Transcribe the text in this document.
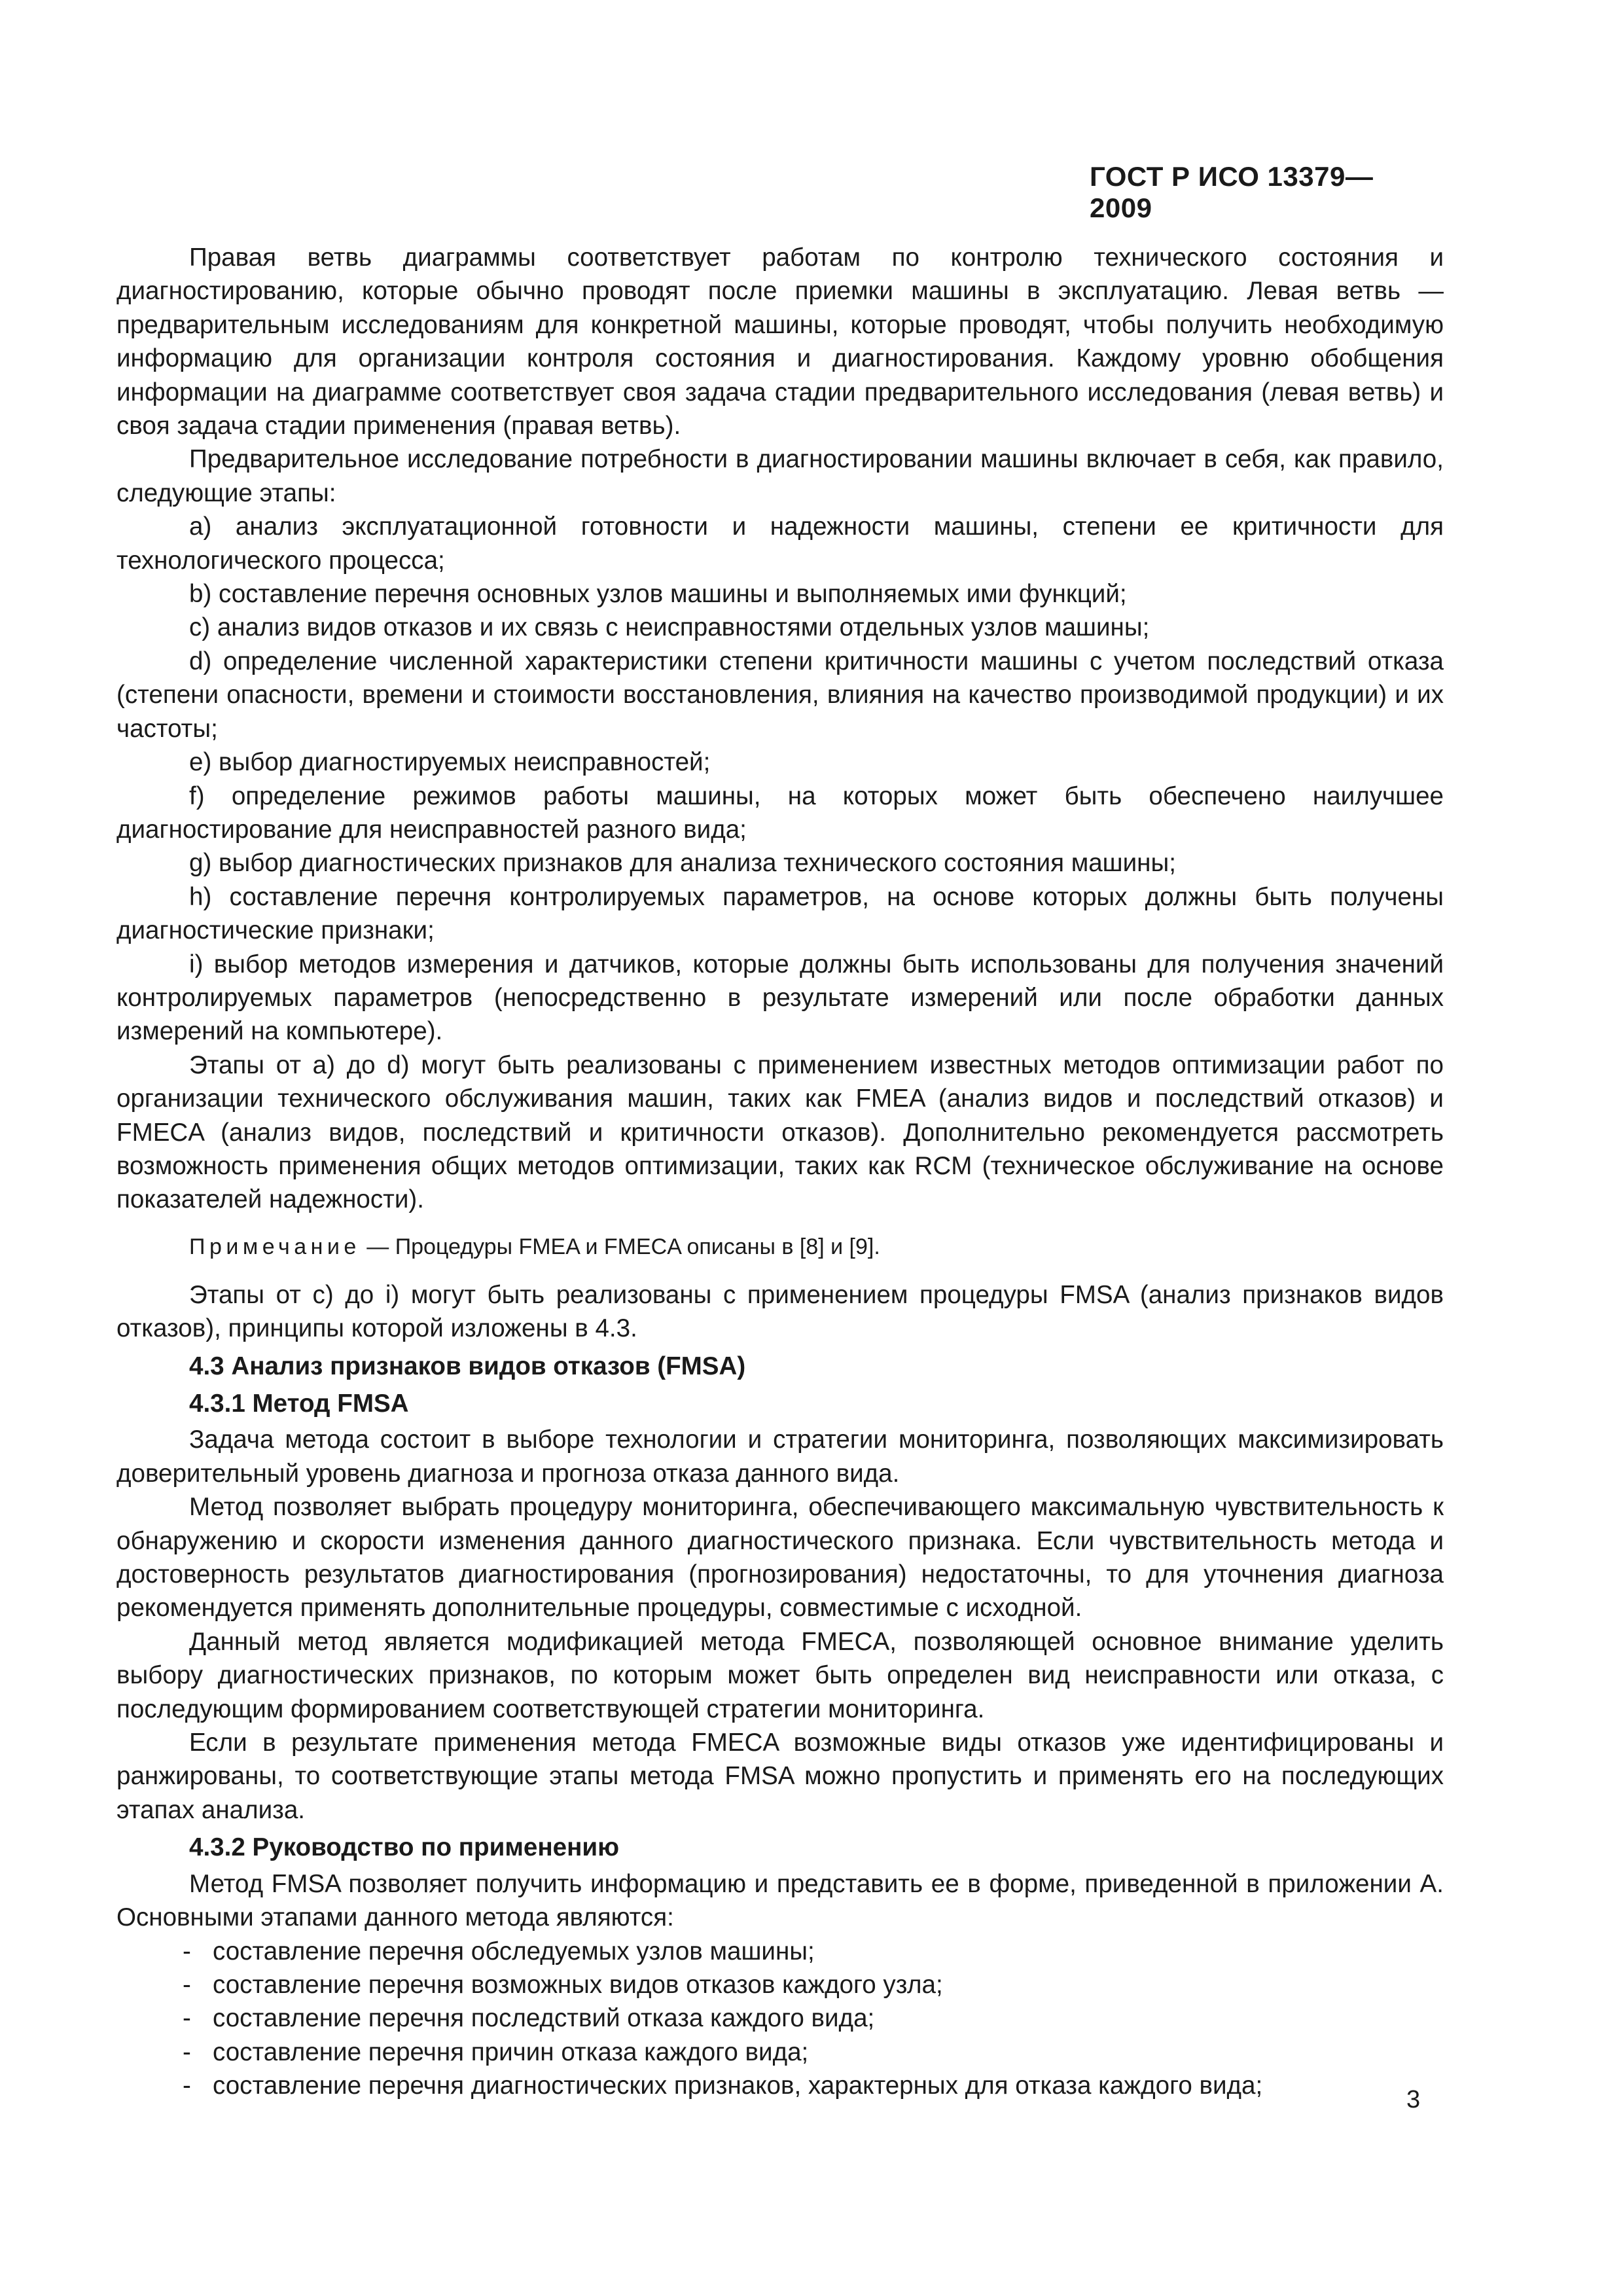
ГОСТ Р ИСО 13379—2009

Правая ветвь диаграммы соответствует работам по контролю технического состояния и диагностированию, которые обычно проводят после приемки машины в эксплуатацию. Левая ветвь — предварительным исследованиям для конкретной машины, которые проводят, чтобы получить необходимую информацию для организации контроля состояния и диагностирования. Каждому уровню обобщения информации на диаграмме соответствует своя задача стадии предварительного исследования (левая ветвь) и своя задача стадии применения (правая ветвь).

Предварительное исследование потребности в диагностировании машины включает в себя, как правило, следующие этапы:

а) анализ эксплуатационной готовности и надежности машины, степени ее критичности для технологического процесса;

b) составление перечня основных узлов машины и выполняемых ими функций;

c) анализ видов отказов и их связь с неисправностями отдельных узлов машины;

d) определение численной характеристики степени критичности машины с учетом последствий отказа (степени опасности, времени и стоимости восстановления, влияния на качество производимой продукции) и их частоты;

e) выбор диагностируемых неисправностей;

f) определение режимов работы машины, на которых может быть обеспечено наилучшее диагностирование для неисправностей разного вида;

g) выбор диагностических признаков для анализа технического состояния машины;

h) составление перечня контролируемых параметров, на основе которых должны быть получены диагностические признаки;

i) выбор методов измерения и датчиков, которые должны быть использованы для получения значений контролируемых параметров (непосредственно в результате измерений или после обработки данных измерений на компьютере).

Этапы от а) до d) могут быть реализованы с применением известных методов оптимизации работ по организации технического обслуживания машин, таких как FMEA (анализ видов и последствий отказов) и FMECA (анализ видов, последствий и критичности отказов). Дополнительно рекомендуется рассмотреть возможность применения общих методов оптимизации, таких как RCM (техническое обслуживание на основе показателей надежности).

Примечание — Процедуры FMEA и FMECA описаны в [8] и [9].

Этапы от с) до i) могут быть реализованы с применением процедуры FMSA (анализ признаков видов отказов), принципы которой изложены в 4.3.

4.3 Анализ признаков видов отказов (FMSA)

4.3.1 Метод FMSA

Задача метода состоит в выборе технологии и стратегии мониторинга, позволяющих максимизировать доверительный уровень диагноза и прогноза отказа данного вида.

Метод позволяет выбрать процедуру мониторинга, обеспечивающего максимальную чувствительность к обнаружению и скорости изменения данного диагностического признака. Если чувствительность метода и достоверность результатов диагностирования (прогнозирования) недостаточны, то для уточнения диагноза рекомендуется применять дополнительные процедуры, совместимые с исходной.

Данный метод является модификацией метода FMECA, позволяющей основное внимание уделить выбору диагностических признаков, по которым может быть определен вид неисправности или отказа, с последующим формированием соответствующей стратегии мониторинга.

Если в результате применения метода FMECA возможные виды отказов уже идентифицированы и ранжированы, то соответствующие этапы метода FMSA можно пропустить и применять его на последующих этапах анализа.

4.3.2 Руководство по применению

Метод FMSA позволяет получить информацию и представить ее в форме, приведенной в приложении А. Основными этапами данного метода являются:

- составление перечня обследуемых узлов машины;
- составление перечня возможных видов отказов каждого узла;
- составление перечня последствий отказа каждого вида;
- составление перечня причин отказа каждого вида;
- составление перечня диагностических признаков, характерных для отказа каждого вида;	3
